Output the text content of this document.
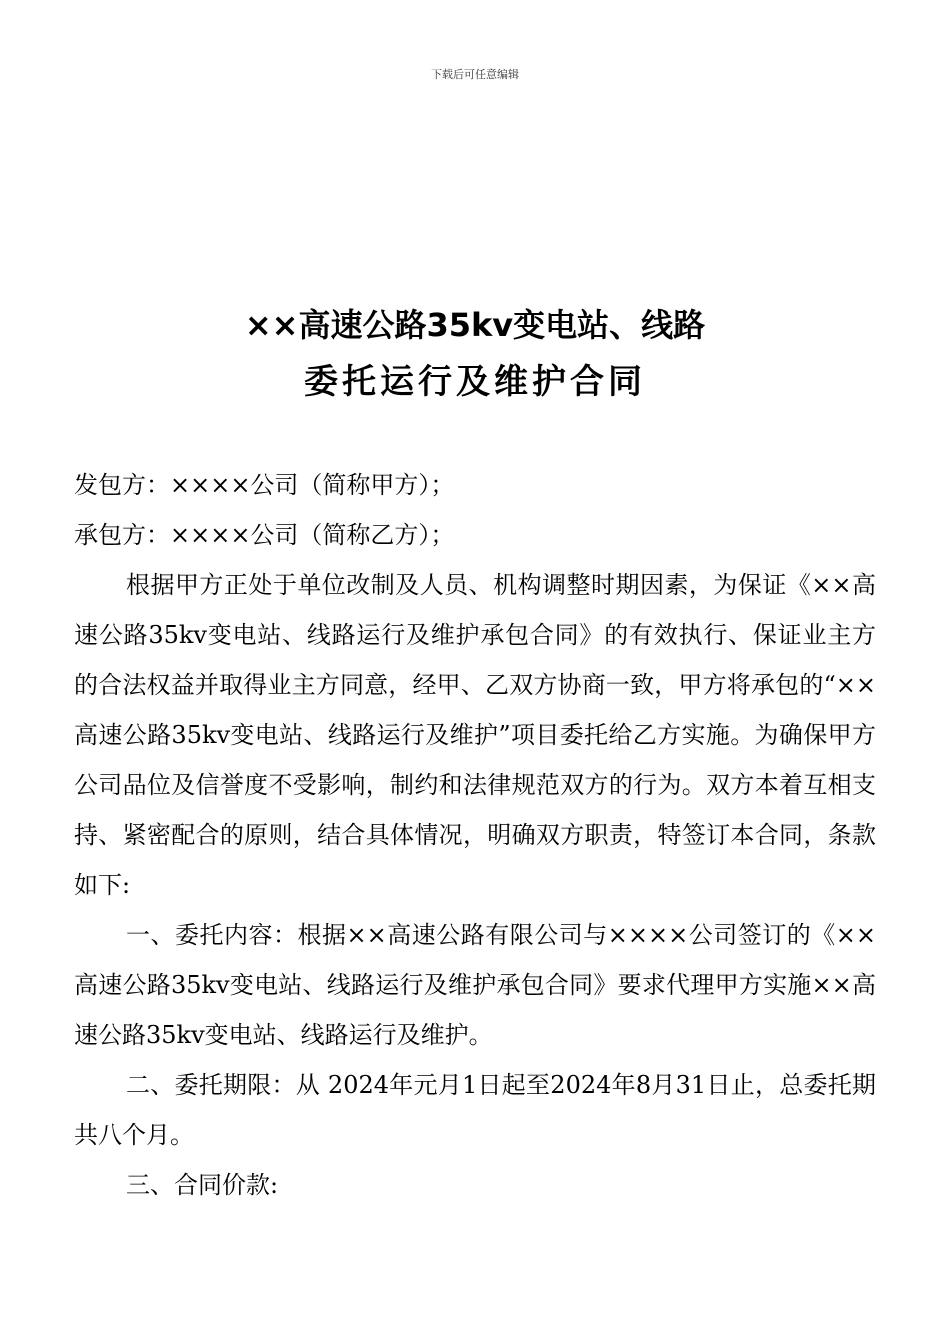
下载后可任意编辑
××高速公路35kv变电站、线路
委托运行及维护合同

发包方：××××公司（简称甲方）；

承包方：××××公司（简称乙方）；

根据甲方正处于单位改制及人员、机构调整时期因素，为保证《××高速公路35kv变电站、线路运行及维护承包合同》的有效执行、保证业主方的合法权益并取得业主方同意，经甲、乙双方协商一致，甲方将承包的“××高速公路35kv变电站、线路运行及维护”项目委托给乙方实施。为确保甲方公司品位及信誉度不受影响，制约和法律规范双方的行为。双方本着互相支持、紧密配合的原则，结合具体情况，明确双方职责，特签订本合同，条款如下:

一、委托内容：根据××高速公路有限公司与××××公司签订的《××高速公路35kv变电站、线路运行及维护承包合同》要求代理甲方实施××高速公路35kv变电站、线路运行及维护。

二、委托期限：从 2024年元月1日起至2024年8月31日止，总委托期共八个月。

三、合同价款:
